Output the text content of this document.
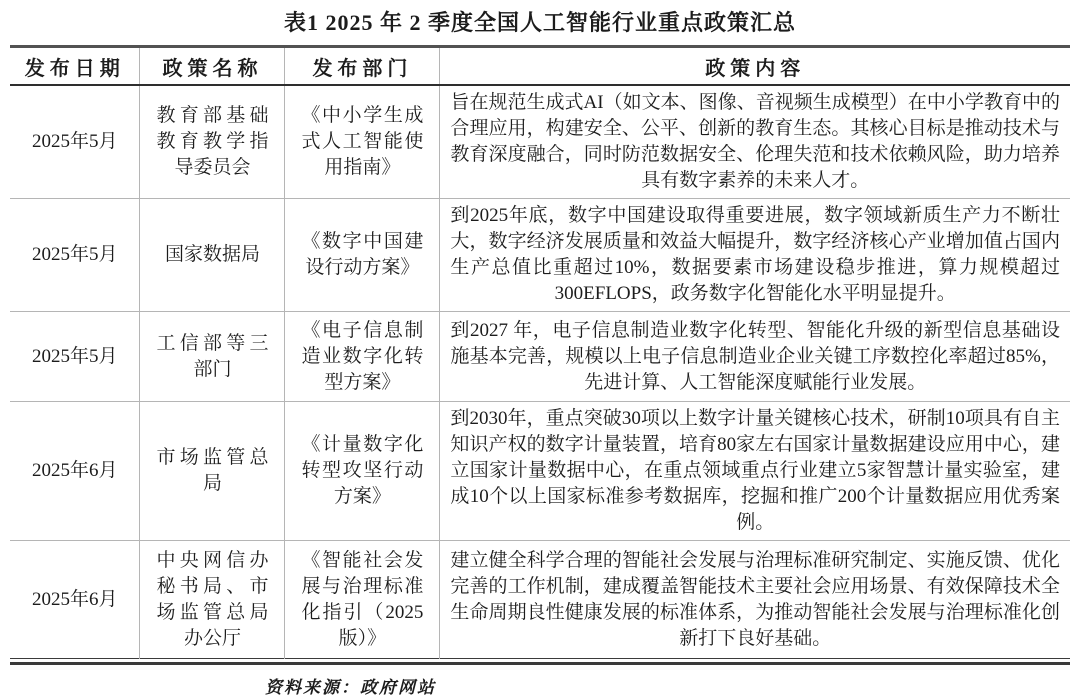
表1 2025 年 2 季度全国人工智能行业重点政策汇总
发布日期	政策名称	发布部门	政策内容
2025年5月	教育部基础教育教学指导委员会	《中小学生成式人工智能使用指南》	旨在规范生成式AI（如文本、图像、音视频生成模型）在中小学教育中的合理应用，构建安全、公平、创新的教育生态。其核心目标是推动技术与教育深度融合，同时防范数据安全、伦理失范和技术依赖风险，助力培养具有数字素养的未来人才。
2025年5月	国家数据局	《数字中国建设行动方案》	到2025年底，数字中国建设取得重要进展，数字领域新质生产力不断壮大，数字经济发展质量和效益大幅提升，数字经济核心产业增加值占国内生产总值比重超过10%，数据要素市场建设稳步推进，算力规模超过300EFLOPS，政务数字化智能化水平明显提升。
2025年5月	工信部等三部门	《电子信息制造业数字化转型方案》	到2027 年，电子信息制造业数字化转型、智能化升级的新型信息基础设施基本完善，规模以上电子信息制造业企业关键工序数控化率超过85%，先进计算、人工智能深度赋能行业发展。
2025年6月	市场监管总局	《计量数字化转型攻坚行动方案》	到2030年，重点突破30项以上数字计量关键核心技术，研制10项具有自主知识产权的数字计量装置，培育80家左右国家计量数据建设应用中心，建立国家计量数据中心，在重点领域重点行业建立5家智慧计量实验室，建成10个以上国家标准参考数据库，挖掘和推广200个计量数据应用优秀案例。
2025年6月	中央网信办秘书局、市场监管总局办公厅	《智能社会发展与治理标准化指引（2025版）》	建立健全科学合理的智能社会发展与治理标准研究制定、实施反馈、优化完善的工作机制，建成覆盖智能技术主要社会应用场景、有效保障技术全生命周期良性健康发展的标准体系，为推动智能社会发展与治理标准化创新打下良好基础。
资料来源：政府网站
